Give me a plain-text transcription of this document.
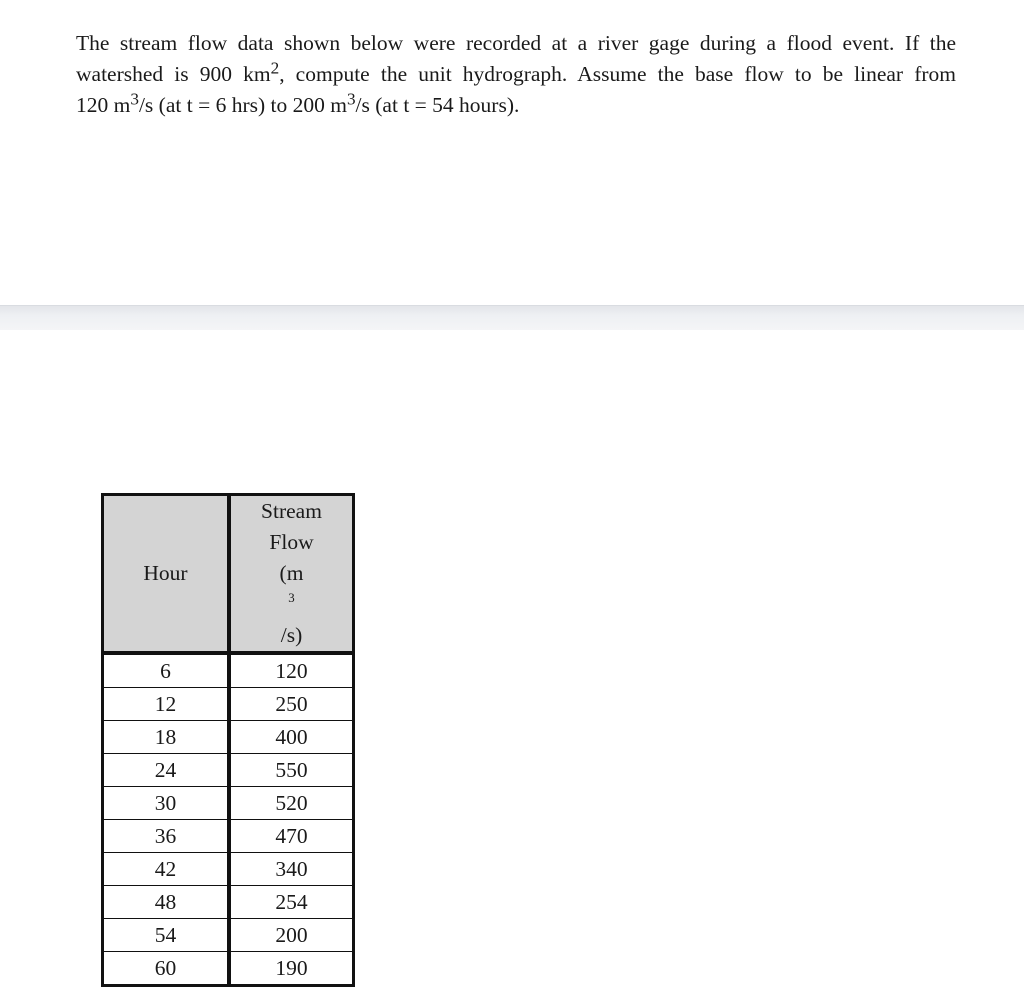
The stream flow data shown below were recorded at a river gage during a flood event. If the
watershed is 900 $km^2$, compute the unit hydrograph. Assume the base flow to be linear from
120 $m^3/s$ (at t = 6 hrs) to 200 $m^3/s$ (at t = 54 hours).
Hour	Stream
Flow
(m
$^3$
/s)

6	120
12	250
18	400
24	550
30	520
36	470
42	340
48	254
54	200
60	190
